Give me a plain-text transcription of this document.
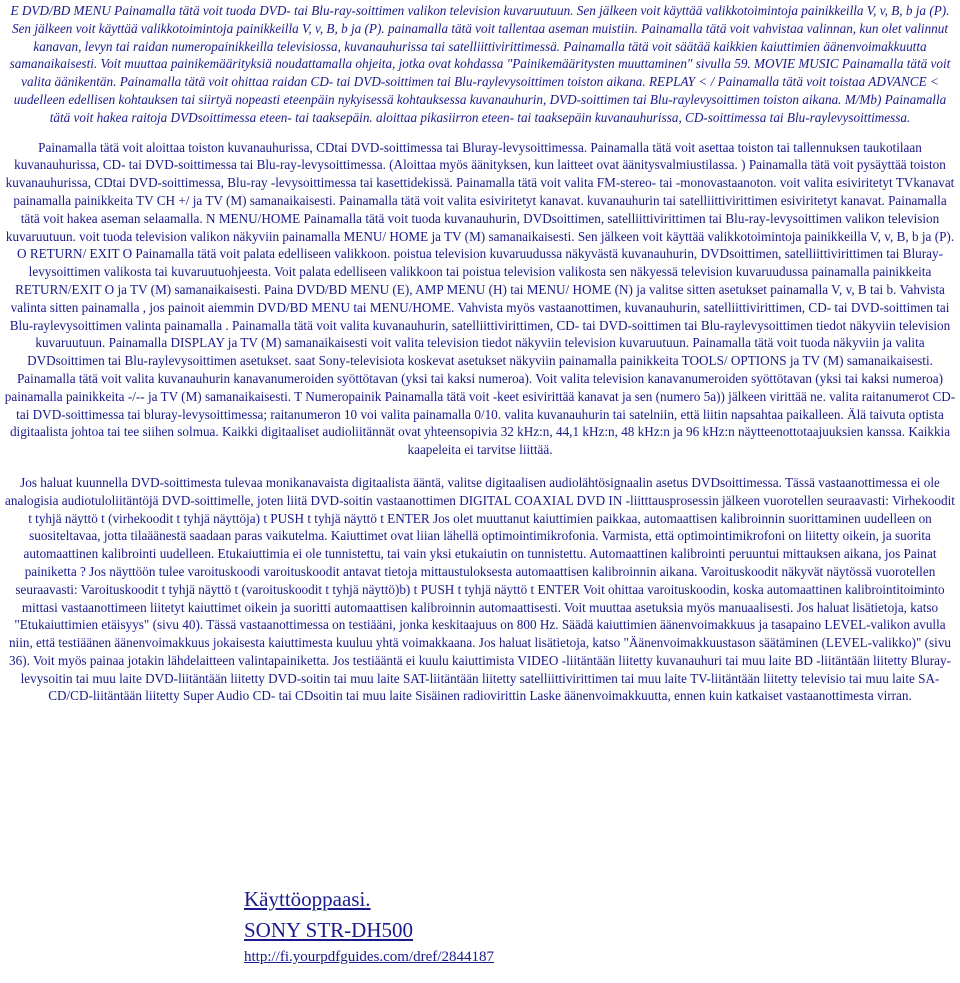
E DVD/BD MENU Painamalla tätä voit tuoda DVD- tai Blu-ray-soittimen valikon television kuvaruutuun. Sen jälkeen voit käyttää valikkotoimintoja painikkeilla V, v, B, b ja (P). Sen jälkeen voit käyttää valikkotoimintoja painikkeilla V, v, B, b ja (P). painamalla tätä voit tallentaa aseman muistiin. Painamalla tätä voit vahvistaa valinnan, kun olet valinnut kanavan, levyn tai raidan numeropainikkeilla televisiossa, kuvanauhurissa tai satelliittivirittimessä. Painamalla tätä voit säätää kaikkien kaiuttimien äänenvoimakkuutta samanaikaisesti. Voit muuttaa painikemäärityksiä noudattamalla ohjeita, jotka ovat kohdassa "Painikemääritysten muuttaminen" sivulla 59. MOVIE MUSIC Painamalla tätä voit valita äänikentän. Painamalla tätä voit ohittaa raidan CD- tai DVD-soittimen tai Blu-raylevysoittimen toiston aikana. REPLAY < / Painamalla tätä voit toistaa ADVANCE < uudelleen edellisen kohtauksen tai siirtyä nopeasti eteenpäin nykyisessä kohtauksessa kuvanauhurin, DVD-soittimen tai Blu-raylevysoittimen toiston aikana. M/Mb) Painamalla tätä voit hakea raitoja DVDsoittimessa eteen- tai taaksepäin. aloittaa pikasiirron eteen- tai taaksepäin kuvanauhurissa, CD-soittimessa tai Blu-raylevysoittimessa.

Painamalla tätä voit aloittaa toiston kuvanauhurissa, CDtai DVD-soittimessa tai Bluray-levysoittimessa. Painamalla tätä voit asettaa toiston tai tallennuksen taukotilaan kuvanauhurissa, CD- tai DVD-soittimessa tai Blu-ray-levysoittimessa. (Aloittaa myös äänityksen, kun laitteet ovat äänitysvalmiustilassa. ) Painamalla tätä voit pysäyttää toiston kuvanauhurissa, CDtai DVD-soittimessa, Blu-ray -levysoittimessa tai kasettidekissä. Painamalla tätä voit valita FM-stereo- tai -monovastaanoton. voit valita esiviritetyt TVkanavat painamalla painikkeita TV CH +/ ja TV (M) samanaikaisesti. Painamalla tätä voit valita esiviritetyt kanavat. kuvanauhurin tai satelliittivirittimen esiviritetyt kanavat. Painamalla tätä voit hakea aseman selaamalla. N MENU/HOME Painamalla tätä voit tuoda kuvanauhurin, DVDsoittimen, satelliittivirittimen tai Blu-ray-levysoittimen valikon television kuvaruutuun. voit tuoda television valikon näkyviin painamalla MENU/ HOME ja TV (M) samanaikaisesti. Sen jälkeen voit käyttää valikkotoimintoja painikkeilla V, v, B, b ja (P). O RETURN/ EXIT O Painamalla tätä voit palata edelliseen valikkoon. poistua television kuvaruudussa näkyvästä kuvanauhurin, DVDsoittimen, satelliittivirittimen tai Bluray-levysoittimen valikosta tai kuvaruutuohjeesta. Voit palata edelliseen valikkoon tai poistua television valikosta sen näkyessä television kuvaruudussa painamalla painikkeita RETURN/EXIT O ja TV (M) samanaikaisesti. Paina DVD/BD MENU (E), AMP MENU (H) tai MENU/ HOME (N) ja valitse sitten asetukset painamalla V, v, B tai b. Vahvista valinta sitten painamalla , jos painoit aiemmin DVD/BD MENU tai MENU/HOME. Vahvista myös vastaanottimen, kuvanauhurin, satelliittivirittimen, CD- tai DVD-soittimen tai Blu-raylevysoittimen valinta painamalla . Painamalla tätä voit valita kuvanauhurin, satelliittivirittimen, CD- tai DVD-soittimen tai Blu-raylevysoittimen tiedot näkyviin television kuvaruutuun. Painamalla DISPLAY ja TV (M) samanaikaisesti voit valita television tiedot näkyviin television kuvaruutuun. Painamalla tätä voit tuoda näkyviin ja valita DVDsoittimen tai Blu-raylevysoittimen asetukset. saat Sony-televisiota koskevat asetukset näkyviin painamalla painikkeita TOOLS/ OPTIONS ja TV (M) samanaikaisesti. Painamalla tätä voit valita kuvanauhurin kanavanumeroiden syöttötavan (yksi tai kaksi numeroa). Voit valita television kanavanumeroiden syöttötavan (yksi tai kaksi numeroa) painamalla painikkeita -/-- ja TV (M) samanaikaisesti. T Numeropainik Painamalla tätä voit -keet esivirittää kanavat ja sen (numero 5a)) jälkeen virittää ne. valita raitanumerot CD- tai DVD-soittimessa tai bluray-levysoittimessa; raitanumeron 10 voi valita painamalla 0/10. valita kuvanauhurin tai satelniin, että liitin napsahtaa paikalleen. Älä taivuta optista digitaalista johtoa tai tee siihen solmua. Kaikki digitaaliset audioliitännät ovat yhteensopivia 32 kHz:n, 44,1 kHz:n, 48 kHz:n ja 96 kHz:n näytteenottotaajuuksien kanssa. Kaikkia kaapeleita ei tarvitse liittää.

Jos haluat kuunnella DVD-soittimesta tulevaa monikanavaista digitaalista ääntä, valitse digitaalisen audiolähtösignaalin asetus DVDsoittimessa. Tässä vastaanottimessa ei ole analogisia audiotuloliitäntöjä DVD-soittimelle, joten liitä DVD-soitin vastaanottimen DIGITAL COAXIAL DVD IN -liitttausprosessin jälkeen vuorotellen seuraavasti: Virhekoodit t tyhjä näyttö t (virhekoodit t tyhjä näyttöja) t PUSH t tyhjä näyttö t ENTER Jos olet muuttanut kaiuttimien paikkaa, automaattisen kalibroinnin suorittaminen uudelleen on suositeltavaa, jotta tilaäänestä saadaan paras vaikutelma. Kaiuttimet ovat liian lähellä optimointimikrofonia. Varmista, että optimointimikrofoni on liitetty oikein, ja suorita automaattinen kalibrointi uudelleen. Etukaiuttimia ei ole tunnistettu, tai vain yksi etukaiutin on tunnistettu. Automaattinen kalibrointi peruuntui mittauksen aikana, jos Painat painiketta ? Jos näyttöön tulee varoituskoodi varoituskoodit antavat tietoja mittaustuloksesta automaattisen kalibroinnin aikana. Varoituskoodit näkyvät näytössä vuorotellen seuraavasti: Varoituskoodit t tyhjä näyttö t (varoituskoodit t tyhjä näyttö)b) t PUSH t tyhjä näyttö t ENTER Voit ohittaa varoituskoodin, koska automaattinen kalibrointitoiminto mittasi vastaanottimeen liitetyt kaiuttimet oikein ja suoritti automaattisen kalibroinnin automaattisesti. Voit muuttaa asetuksia myös manuaalisesti. Jos haluat lisätietoja, katso "Etukaiuttimien etäisyys" (sivu 40). Tässä vastaanottimessa on testiääni, jonka keskitaajuus on 800 Hz. Säädä kaiuttimien äänenvoimakkuus ja tasapaino LEVEL-valikon avulla niin, että testiäänen äänenvoimakkuus jokaisesta kaiuttimesta kuuluu yhtä voimakkaana. Jos haluat lisätietoja, katso "Äänenvoimakkuustason säätäminen (LEVEL-valikko)" (sivu 36). Voit myös painaa jotakin lähdelaitteen valintapainiketta. Jos testiääntä ei kuulu kaiuttimista VIDEO -liitäntään liitetty kuvanauhuri tai muu laite BD -liitäntään liitetty Bluray-levysoitin tai muu laite DVD-liitäntään liitetty DVD-soitin tai muu laite SAT-liitäntään liitetty satelliittivirittimen tai muu laite TV-liitäntään liitetty televisio tai muu laite SA-CD/CD-liitäntään liitetty Super Audio CD- tai CDsoitin tai muu laite Sisäinen radiovirittin Laske äänenvoimakkuutta, ennen kuin katkaiset vastaanottimesta virran.

Käyttöoppaasi.
SONY STR-DH500
http://fi.yourpdfguides.com/dref/2844187
